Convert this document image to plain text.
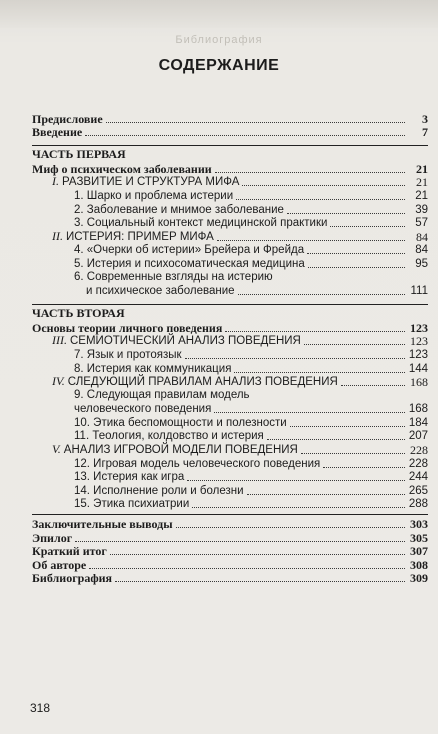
Библиография
СОДЕРЖАНИЕ
Предисловие	3
Введение	7
ЧАСТЬ ПЕРВАЯ
Миф о психическом заболевании	21
I. РАЗВИТИЕ И СТРУКТУРА МИФА	21
1. Шарко и проблема истерии	21
2. Заболевание и мнимое заболевание	39
3. Социальный контекст медицинской практики	57
II. ИСТЕРИЯ: ПРИМЕР МИФА	84
4. «Очерки об истерии» Брейера и Фрейда	84
5. Истерия и психосоматическая медицина	95
6. Современные взгляды на истерию
и психическое заболевание	111
ЧАСТЬ ВТОРАЯ
Основы теории личного поведения	123
III. СЕМИОТИЧЕСКИЙ АНАЛИЗ ПОВЕДЕНИЯ	123
7. Язык и протоязык	123
8. Истерия как коммуникация	144
IV. СЛЕДУЮЩИЙ ПРАВИЛАМ АНАЛИЗ ПОВЕДЕНИЯ	168
9. Следующая правилам модель
человеческого поведения	168
10. Этика беспомощности и полезности	184
11. Теология, колдовство и истерия	207
V. АНАЛИЗ ИГРОВОЙ МОДЕЛИ ПОВЕДЕНИЯ	228
12. Игровая модель человеческого поведения	228
13. Истерия как игра	244
14. Исполнение роли и болезни	265
15. Этика психиатрии	288
Заключительные выводы	303
Эпилог	305
Краткий итог	307
Об авторе	308
Библиография	309
318
